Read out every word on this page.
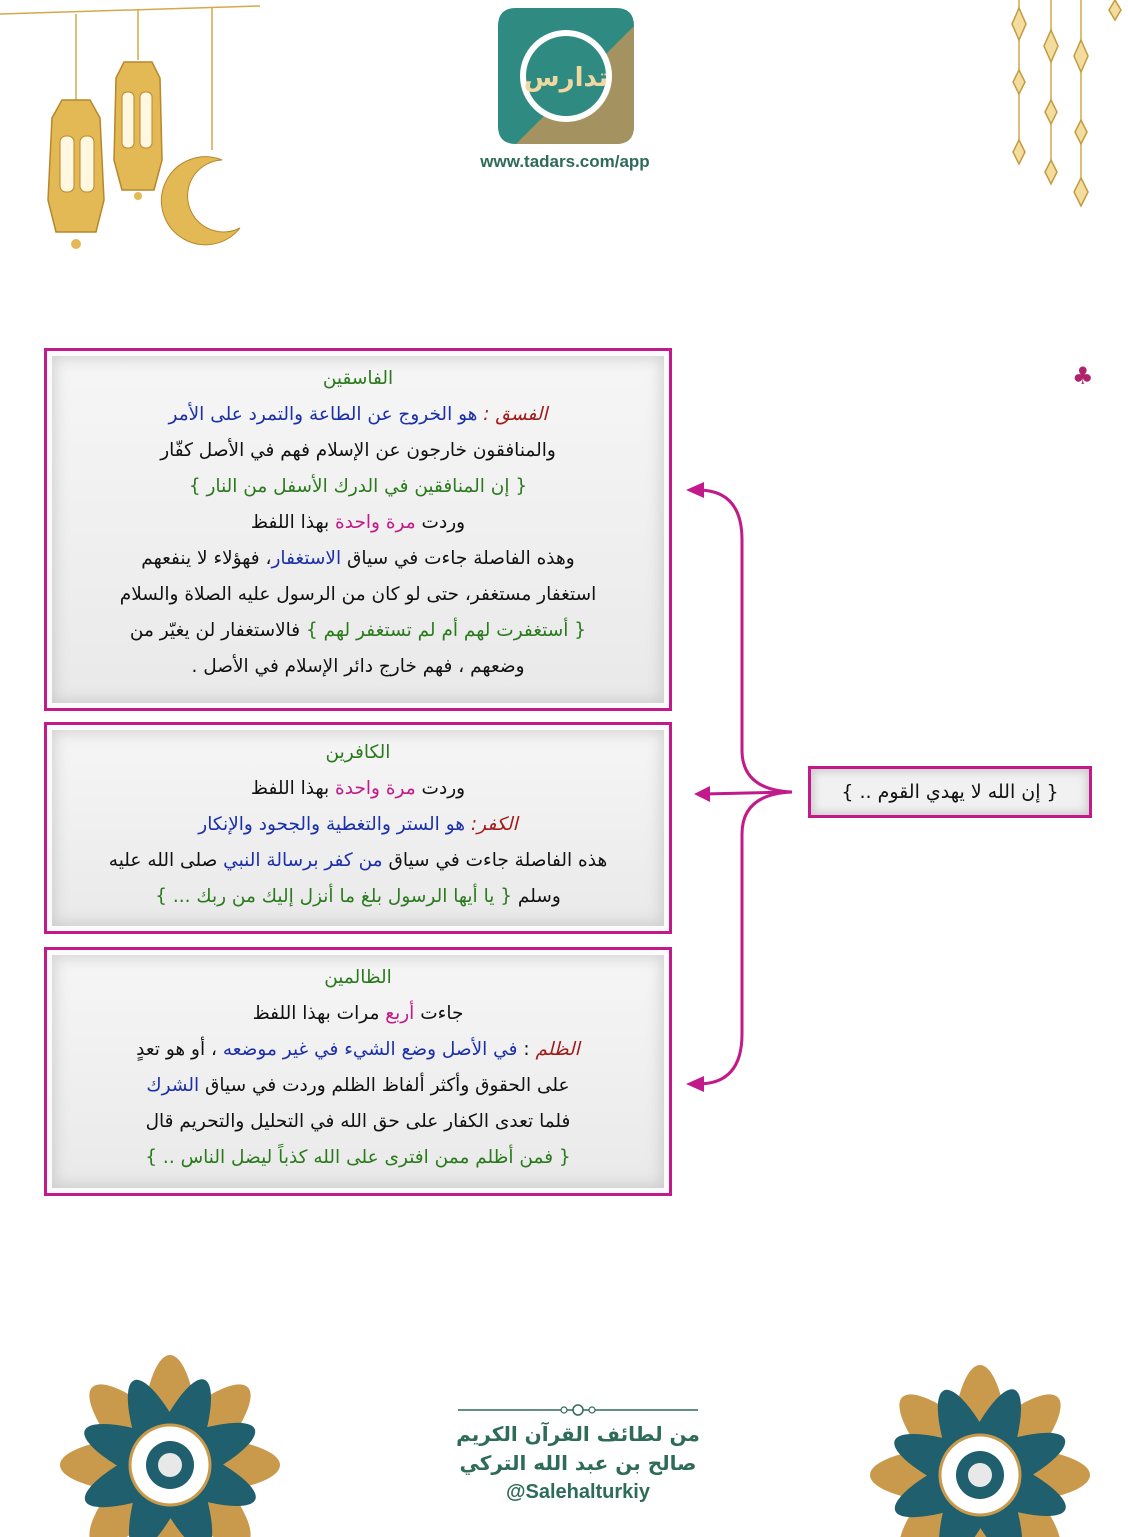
تدارس
www.tadars.com/app
♣

الفاسقين

الفسق : هو الخروج عن الطاعة والتمرد على الأمر

والمنافقون خارجون عن الإسلام فهم في الأصل كفّار

{ إن المنافقين في الدرك الأسفل من النار }

وردت مرة واحدة بهذا اللفظ

وهذه الفاصلة جاءت في سياق الاستغفار، فهؤلاء لا ينفعهم

استغفار مستغفر، حتى لو كان من الرسول عليه الصلاة والسلام

{ أستغفرت لهم أم لم تستغفر لهم } فالاستغفار لن يغيّر من

وضعهم ، فهم خارج دائر الإسلام في الأصل .

الكافرين

وردت مرة واحدة بهذا اللفظ

الكفر: هو الستر والتغطية والجحود والإنكار

هذه الفاصلة جاءت في سياق من كفر برسالة النبي صلى الله عليه

وسلم { يا أيها الرسول بلغ ما أنزل إليك من ربك ... }

الظالمين

جاءت أربع مرات بهذا اللفظ

الظلم : في الأصل وضع الشيء في غير موضعه ، أو هو تعدٍ

على الحقوق وأكثر ألفاظ الظلم وردت في سياق الشرك

فلما تعدى الكفار على حق الله في التحليل والتحريم قال

{ فمن أظلم ممن افترى على الله كذباً ليضل الناس .. }

{ إن الله لا يهدي القوم .. }
من لطائف القرآن الكريم
صالح بن عبد الله التركي
@Salehalturkiy
